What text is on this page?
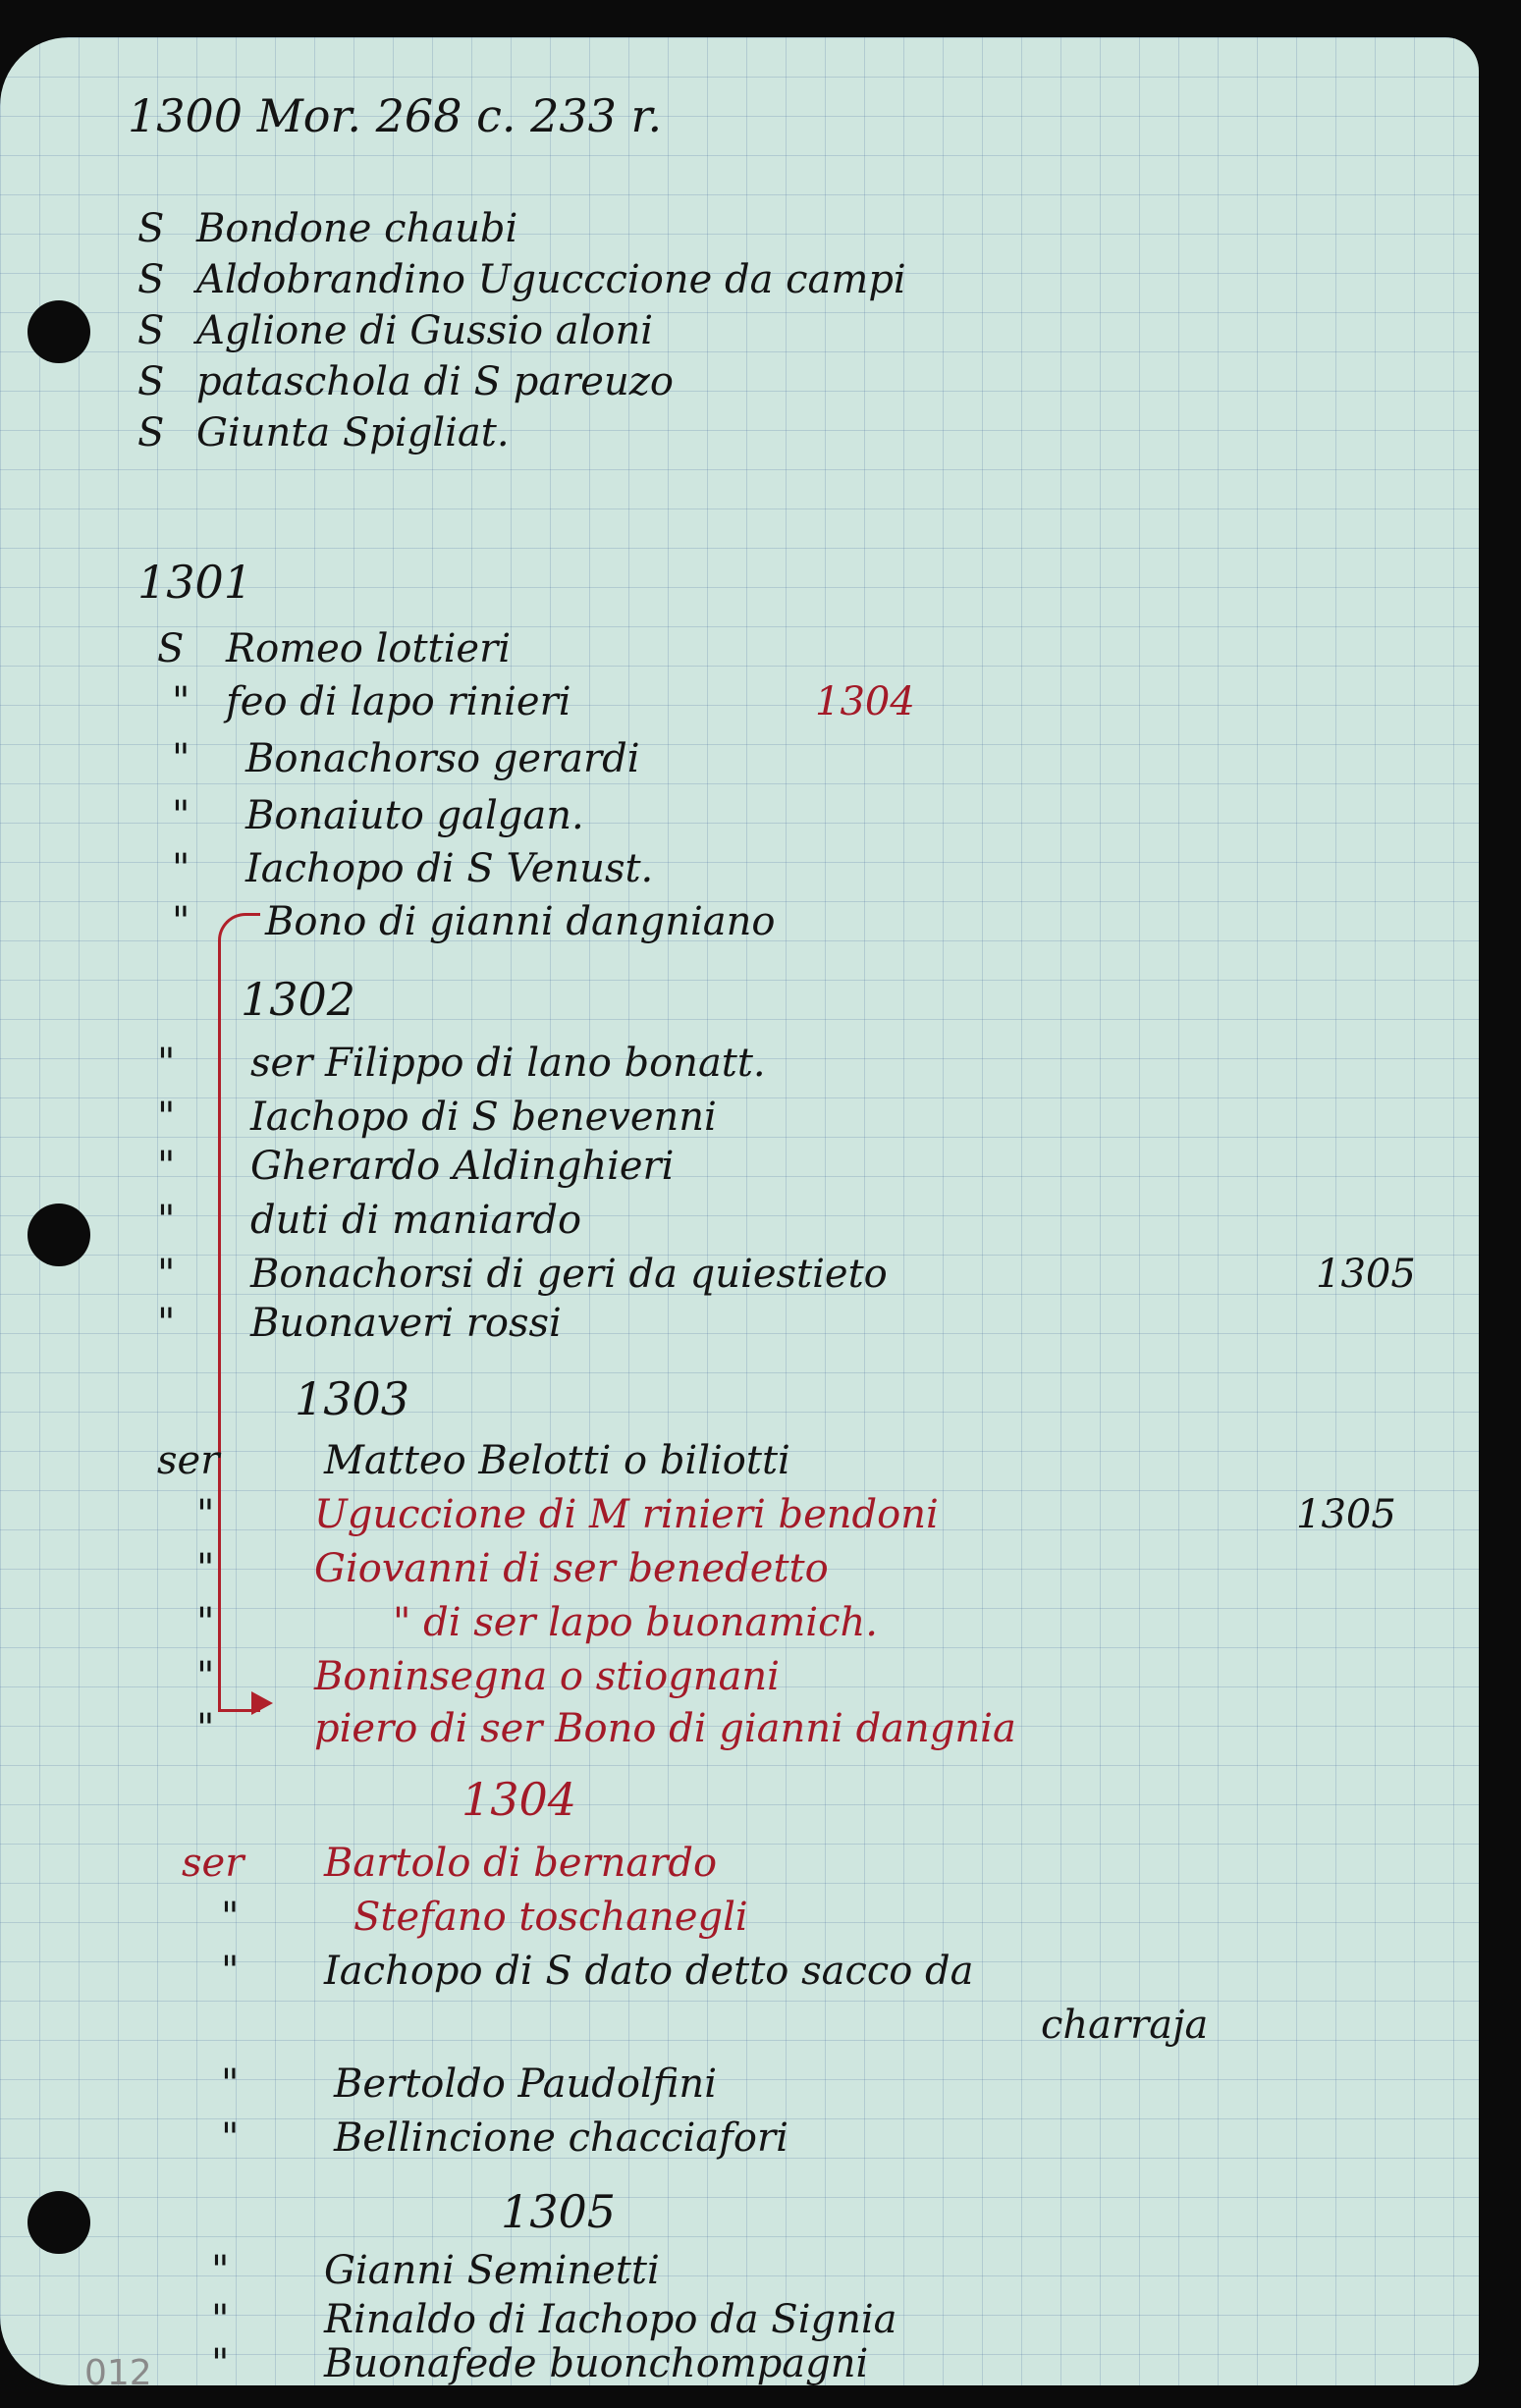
1300 Mor. 268 c. 233 r.
S Bondone chaubi
S Aldobrandino Ugucccione da campi
S Aglione di Gussio aloni
S pataschola di S pareuzo
S Giunta Spigliat.
1301
S Romeo lottieri
" feo di lapo rinieri	1304
" Bonachorso gerardi
" Bonaiuto galgan.
" Iachopo di S Venust.
" Bono di gianni dangniano
1302
" ser Filippo di lano bonatt.
" Iachopo di S benevenni
" Gherardo Aldinghieri
" duti di maniardo
" Bonachorsi di geri da quiestieto	1305
" Buonaveri rossi
1303
ser	Matteo Belotti o biliotti
"	Uguccione di M rinieri bendoni	1305
"	Giovanni di ser benedetto
"	" di ser lapo buonamich.
"	Boninsegna o stiognani
"	piero di ser Bono di gianni dangnia
1304
ser Bartolo di bernardo
"	Stefano toschanegli
" Iachopo di S dato detto sacco da
charraja
" Bertoldo Paudolfini
" Bellincione chacciafori
1305
" Gianni Seminetti
" Rinaldo di Iachopo da Signia
" Buonafede buonchompagni
012
